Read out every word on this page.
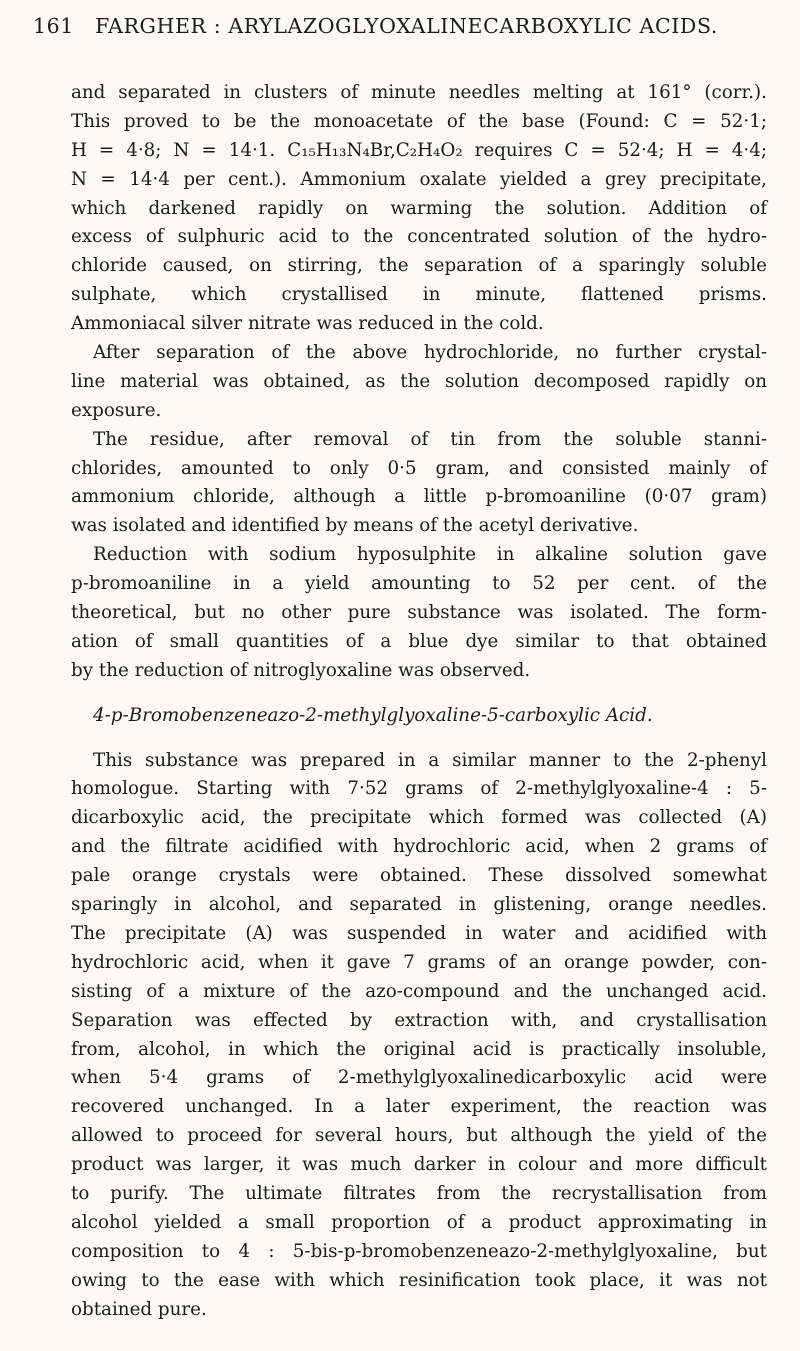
161 FARGHER : ARYLAZOGLYOXALINECARBOXYLIC ACIDS.
and separated in clusters of minute needles melting at 161° (corr.).
This proved to be the monoacetate of the base (Found: C = 52·1;
H = 4·8; N = 14·1. C₁₅H₁₃N₄Br,C₂H₄O₂ requires C = 52·4; H = 4·4;
N = 14·4 per cent.). Ammonium oxalate yielded a grey precipitate,
which darkened rapidly on warming the solution. Addition of
excess of sulphuric acid to the concentrated solution of the hydro-
chloride caused, on stirring, the separation of a sparingly soluble
sulphate, which crystallised in minute, flattened prisms.
Ammoniacal silver nitrate was reduced in the cold.
After separation of the above hydrochloride, no further crystal-
line material was obtained, as the solution decomposed rapidly on
exposure.
The residue, after removal of tin from the soluble stanni-
chlorides, amounted to only 0·5 gram, and consisted mainly of
ammonium chloride, although a little p-bromoaniline (0·07 gram)
was isolated and identified by means of the acetyl derivative.
Reduction with sodium hyposulphite in alkaline solution gave
p-bromoaniline in a yield amounting to 52 per cent. of the
theoretical, but no other pure substance was isolated. The form-
ation of small quantities of a blue dye similar to that obtained
by the reduction of nitroglyoxaline was observed.
4-p-Bromobenzeneazo-2-methylglyoxaline-5-carboxylic Acid.
This substance was prepared in a similar manner to the 2-phenyl
homologue. Starting with 7·52 grams of 2-methylglyoxaline-4 : 5-
dicarboxylic acid, the precipitate which formed was collected (A)
and the filtrate acidified with hydrochloric acid, when 2 grams of
pale orange crystals were obtained. These dissolved somewhat
sparingly in alcohol, and separated in glistening, orange needles.
The precipitate (A) was suspended in water and acidified with
hydrochloric acid, when it gave 7 grams of an orange powder, con-
sisting of a mixture of the azo-compound and the unchanged acid.
Separation was effected by extraction with, and crystallisation
from, alcohol, in which the original acid is practically insoluble,
when 5·4 grams of 2-methylglyoxalinedicarboxylic acid were
recovered unchanged. In a later experiment, the reaction was
allowed to proceed for several hours, but although the yield of the
product was larger, it was much darker in colour and more difficult
to purify. The ultimate filtrates from the recrystallisation from
alcohol yielded a small proportion of a product approximating in
composition to 4 : 5-bis-p-bromobenzeneazo-2-methylglyoxaline, but
owing to the ease with which resinification took place, it was not
obtained pure.
